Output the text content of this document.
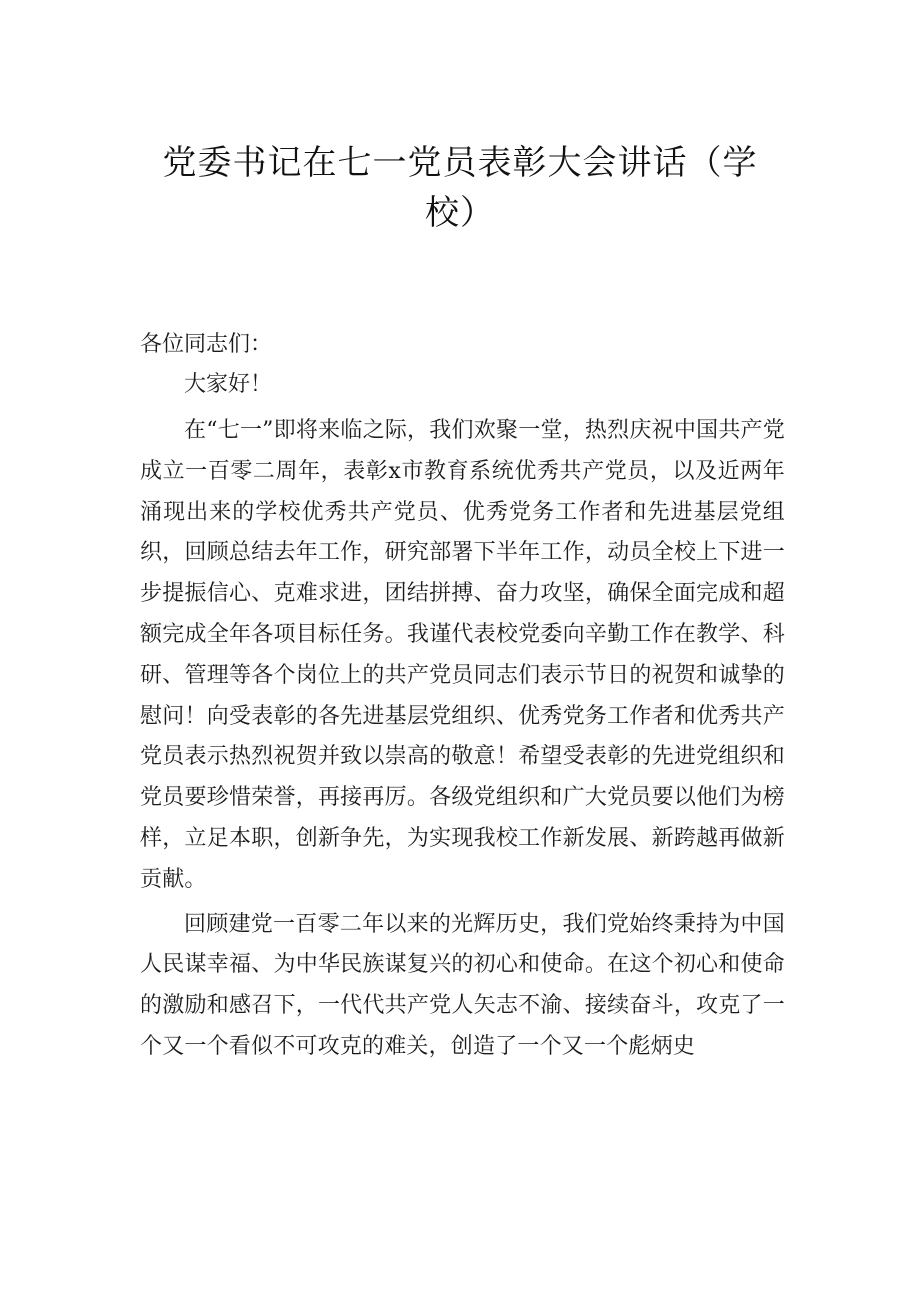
党委书记在七一党员表彰大会讲话（学
校）

各位同志们：

大家好！

在“七一”即将来临之际，我们欢聚一堂，热烈庆祝中国共产党成立一百零二周年，表彰x市教育系统优秀共产党员，以及近两年涌现出来的学校优秀共产党员、优秀党务工作者和先进基层党组织，回顾总结去年工作，研究部署下半年工作，动员全校上下进一步提振信心、克难求进，团结拼搏、奋力攻坚，确保全面完成和超额完成全年各项目标任务。我谨代表校党委向辛勤工作在教学、科研、管理等各个岗位上的共产党员同志们表示节日的祝贺和诚挚的慰问！向受表彰的各先进基层党组织、优秀党务工作者和优秀共产党员表示热烈祝贺并致以崇高的敬意！希望受表彰的先进党组织和党员要珍惜荣誉，再接再厉。各级党组织和广大党员要以他们为榜样，立足本职，创新争先，为实现我校工作新发展、新跨越再做新贡献。

回顾建党一百零二年以来的光辉历史，我们党始终秉持为中国人民谋幸福、为中华民族谋复兴的初心和使命。在这个初心和使命的激励和感召下，一代代共产党人矢志不渝、接续奋斗，攻克了一个又一个看似不可攻克的难关，创造了一个又一个彪炳史
